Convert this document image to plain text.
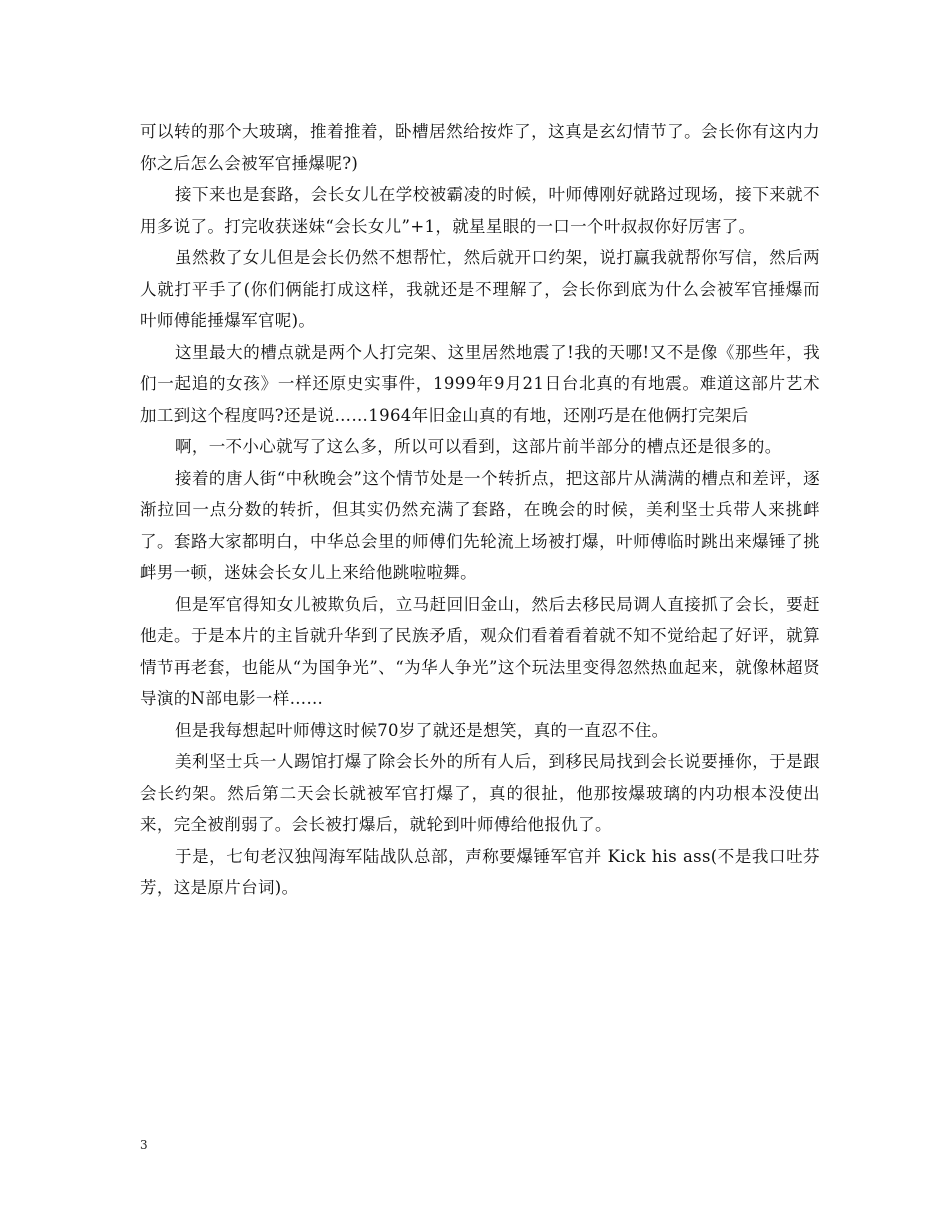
可以转的那个大玻璃，推着推着，卧槽居然给按炸了，这真是玄幻情节了。会长你有这内力你之后怎么会被军官捶爆呢?)

接下来也是套路，会长女儿在学校被霸凌的时候，叶师傅刚好就路过现场，接下来就不用多说了。打完收获迷妹“会长女儿”+1，就星星眼的一口一个叶叔叔你好厉害了。

虽然救了女儿但是会长仍然不想帮忙，然后就开口约架，说打赢我就帮你写信，然后两人就打平手了(你们俩能打成这样，我就还是不理解了，会长你到底为什么会被军官捶爆而叶师傅能捶爆军官呢)。

这里最大的槽点就是两个人打完架、这里居然地震了!我的天哪!又不是像《那些年，我们一起追的女孩》一样还原史实事件，1999年9月21日台北真的有地震。难道这部片艺术加工到这个程度吗?还是说……1964年旧金山真的有地，还刚巧是在他俩打完架后

啊，一不小心就写了这么多，所以可以看到，这部片前半部分的槽点还是很多的。

接着的唐人街“中秋晚会”这个情节处是一个转折点，把这部片从满满的槽点和差评，逐渐拉回一点分数的转折，但其实仍然充满了套路，在晚会的时候，美利坚士兵带人来挑衅了。套路大家都明白，中华总会里的师傅们先轮流上场被打爆，叶师傅临时跳出来爆锤了挑衅男一顿，迷妹会长女儿上来给他跳啦啦舞。

但是军官得知女儿被欺负后，立马赶回旧金山，然后去移民局调人直接抓了会长，要赶他走。于是本片的主旨就升华到了民族矛盾，观众们看着看着就不知不觉给起了好评，就算情节再老套，也能从“为国争光”、“为华人争光”这个玩法里变得忽然热血起来，就像林超贤导演的N部电影一样……

但是我每想起叶师傅这时候70岁了就还是想笑，真的一直忍不住。

美利坚士兵一人踢馆打爆了除会长外的所有人后，到移民局找到会长说要捶你，于是跟会长约架。然后第二天会长就被军官打爆了，真的很扯，他那按爆玻璃的内功根本没使出来，完全被削弱了。会长被打爆后，就轮到叶师傅给他报仇了。

于是，七旬老汉独闯海军陆战队总部，声称要爆锤军官并 Kick his ass(不是我口吐芬芳，这是原片台词)。

3
